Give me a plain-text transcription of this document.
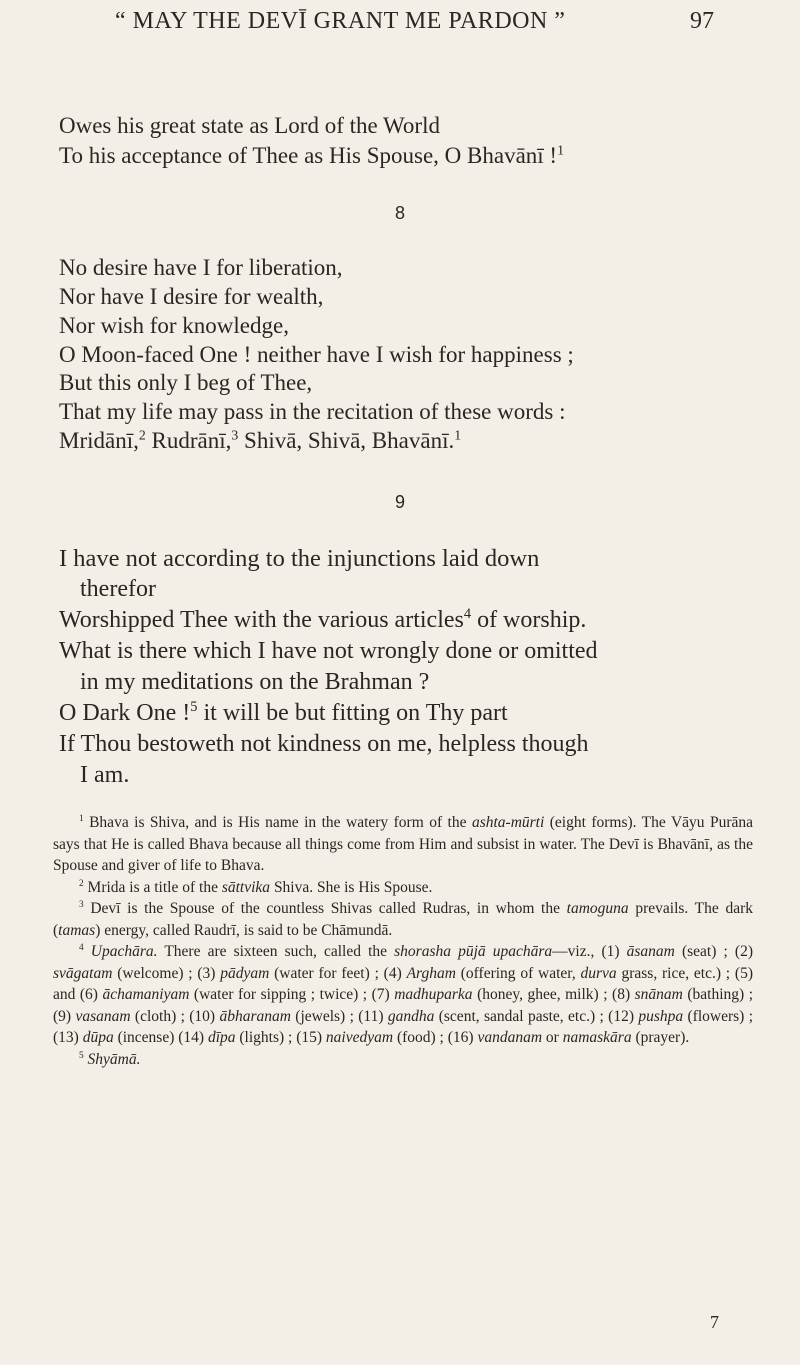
“ MAY THE DEVĪ GRANT ME PARDON ”	97
Owes his great state as Lord of the World
To his acceptance of Thee as His Spouse, O Bhavānī !$^1$
8
No desire have I for liberation,
Nor have I desire for wealth,
Nor wish for knowledge,
O Moon-faced One ! neither have I wish for happiness ;
But this only I beg of Thee,
That my life may pass in the recitation of these words :
Mridānī,$^2$ Rudrānī,$^3$ Shivā, Shivā, Bhavānī.$^1$
9
I have not according to the injunctions laid down
therefor
Worshipped Thee with the various articles$^4$ of worship.
What is there which I have not wrongly done or omitted
in my meditations on the Brahman ?
O Dark One !$^5$ it will be but fitting on Thy part
If Thou bestoweth not kindness on me, helpless though
I am.

$^1$ Bhava is Shiva, and is His name in the watery form of the ashta-mūrti (eight forms). The Vāyu Purāna says that He is called Bhava because all things come from Him and subsist in water. The Devī is Bhavānī, as the Spouse and giver of life to Bhava.

$^2$ Mrida is a title of the sāttvika Shiva. She is His Spouse.

$^3$ Devī is the Spouse of the countless Shivas called Rudras, in whom the tamoguna prevails. The dark (tamas) energy, called Raudrī, is said to be Chāmundā.

$^4$ Upachāra. There are sixteen such, called the shorasha pūjā upachāra—viz., (1) āsanam (seat) ; (2) svāgatam (welcome) ; (3) pādyam (water for feet) ; (4) Argham (offering of water, durva grass, rice, etc.) ; (5) and (6) āchamaniyam (water for sipping ; twice) ; (7) madhuparka (honey, ghee, milk) ; (8) snānam (bathing) ; (9) vasanam (cloth) ; (10) ābharanam (jewels) ; (11) gandha (scent, sandal paste, etc.) ; (12) pushpa (flowers) ; (13) dūpa (incense) (14) dīpa (lights) ; (15) naivedyam (food) ; (16) vandanam or namaskāra (prayer).

$^5$ Shyāmā.

7
